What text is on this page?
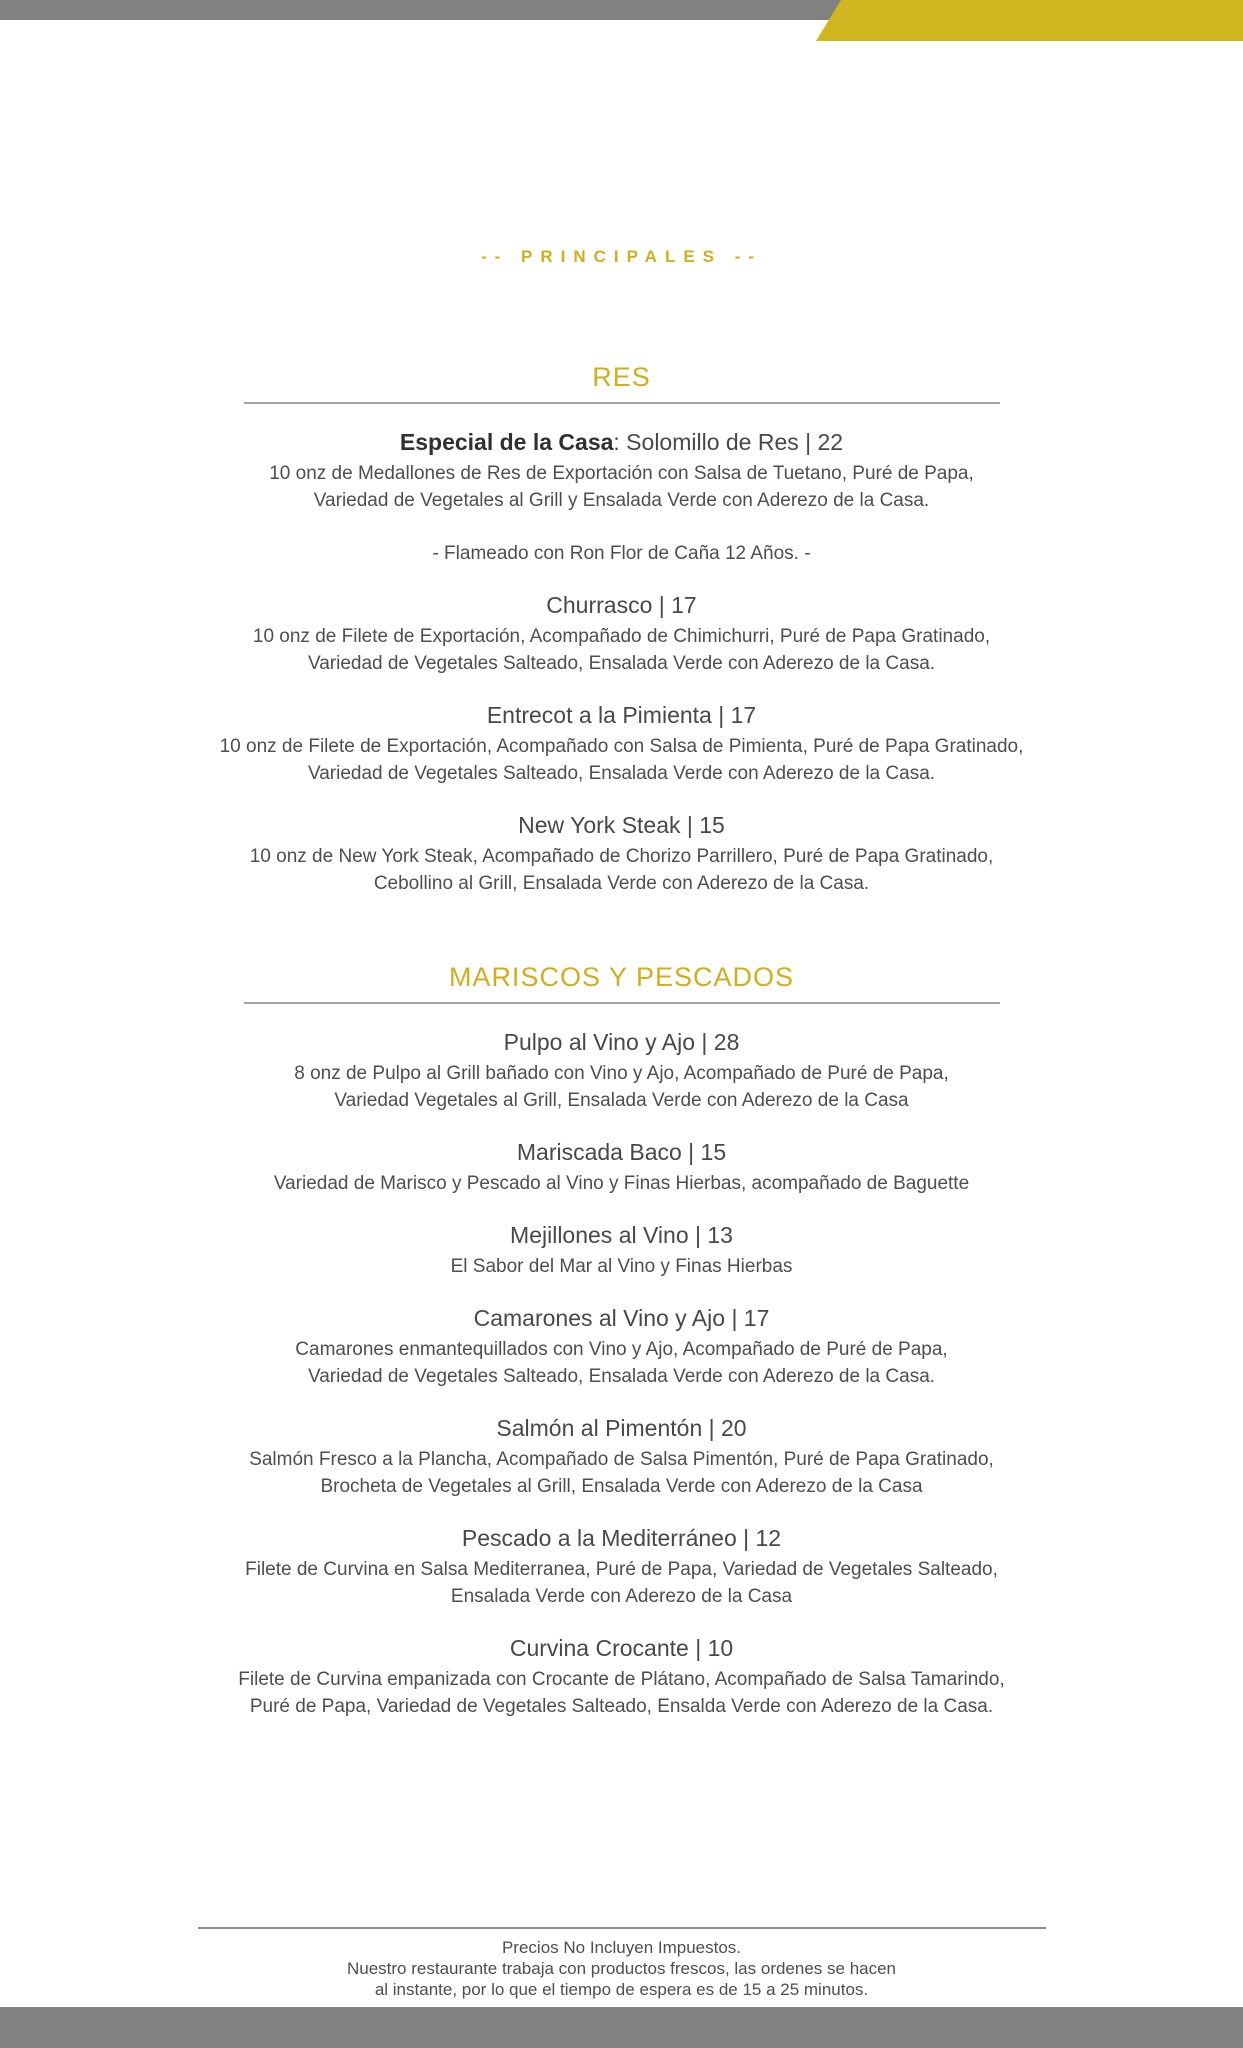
-- PRINCIPALES --
RES
Especial de la Casa: Solomillo de Res | 22
10 onz de Medallones de Res de Exportación con Salsa de Tuetano, Puré de Papa,
Variedad de Vegetales al Grill y Ensalada Verde con Aderezo de la Casa.
- Flameado con Ron Flor de Caña 12 Años. -
Churrasco | 17
10 onz de Filete de Exportación, Acompañado de Chimichurri, Puré de Papa Gratinado,
Variedad de Vegetales Salteado, Ensalada Verde con Aderezo de la Casa.
Entrecot a la Pimienta | 17
10 onz de Filete de Exportación, Acompañado con Salsa de Pimienta, Puré de Papa Gratinado,
Variedad de Vegetales Salteado, Ensalada Verde con Aderezo de la Casa.
New York Steak | 15
10 onz de New York Steak, Acompañado de Chorizo Parrillero, Puré de Papa Gratinado,
Cebollino al Grill, Ensalada Verde con Aderezo de la Casa.
MARISCOS Y PESCADOS
Pulpo al Vino y Ajo | 28
8 onz de Pulpo al Grill bañado con Vino y Ajo, Acompañado de Puré de Papa,
Variedad Vegetales al Grill, Ensalada Verde con Aderezo de la Casa
Mariscada Baco | 15
Variedad de Marisco y Pescado al Vino y Finas Hierbas, acompañado de Baguette
Mejillones al Vino | 13
El Sabor del Mar al Vino y Finas Hierbas
Camarones al Vino y Ajo | 17
Camarones enmantequillados con Vino y Ajo, Acompañado de Puré de Papa,
Variedad de Vegetales Salteado, Ensalada Verde con Aderezo de la Casa.
Salmón al Pimentón | 20
Salmón Fresco a la Plancha, Acompañado de Salsa Pimentón, Puré de Papa Gratinado,
Brocheta de Vegetales al Grill, Ensalada Verde con Aderezo de la Casa
Pescado a la Mediterráneo | 12
Filete de Curvina en Salsa Mediterranea, Puré de Papa, Variedad de Vegetales Salteado,
Ensalada Verde con Aderezo de la Casa
Curvina Crocante | 10
Filete de Curvina empanizada con Crocante de Plátano, Acompañado de Salsa Tamarindo,
Puré de Papa, Variedad de Vegetales Salteado, Ensalda Verde con Aderezo de la Casa.
Precios No Incluyen Impuestos.
Nuestro restaurante trabaja con productos frescos, las ordenes se hacen
al instante, por lo que el tiempo de espera es de 15 a 25 minutos.
